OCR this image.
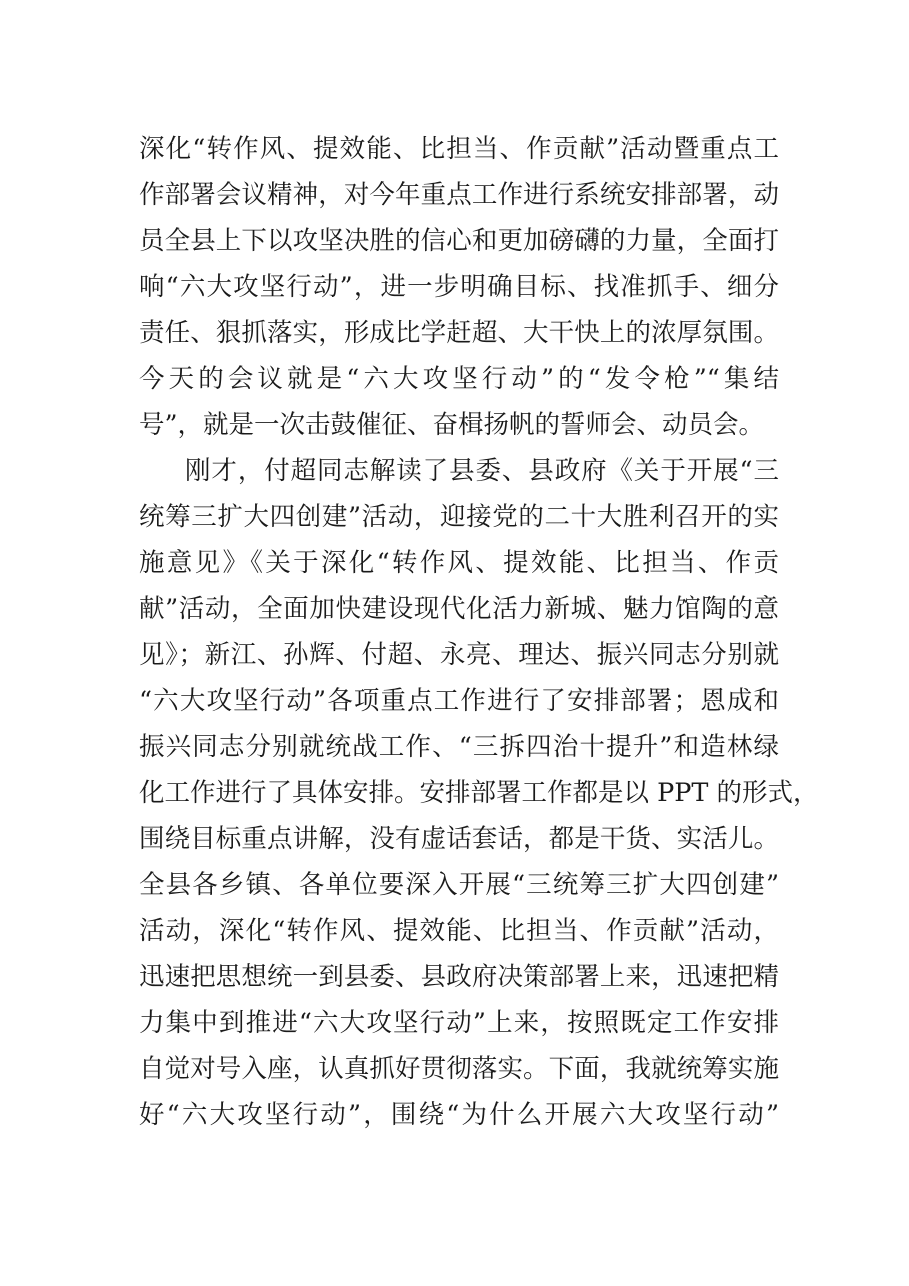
深化“转作风、提效能、比担当、作贡献”活动暨重点工
作部署会议精神，对今年重点工作进行系统安排部署，动
员全县上下以攻坚决胜的信心和更加磅礴的力量，全面打
响“六大攻坚行动”，进一步明确目标、找准抓手、细分
责任、狠抓落实，形成比学赶超、大干快上的浓厚氛围。
今天的会议就是“六大攻坚行动”的“发令枪”“集结
号”，就是一次击鼓催征、奋楫扬帆的誓师会、动员会。
刚才，付超同志解读了县委、县政府《关于开展“三
统筹三扩大四创建”活动，迎接党的二十大胜利召开的实
施意见》《关于深化“转作风、提效能、比担当、作贡
献”活动，全面加快建设现代化活力新城、魅力馆陶的意
见》；新江、孙辉、付超、永亮、理达、振兴同志分别就
“六大攻坚行动”各项重点工作进行了安排部署；恩成和
振兴同志分别就统战工作、“三拆四治十提升”和造林绿
化工作进行了具体安排。安排部署工作都是以 PPT 的形式，
围绕目标重点讲解，没有虚话套话，都是干货、实活儿。
全县各乡镇、各单位要深入开展“三统筹三扩大四创建”
活动，深化“转作风、提效能、比担当、作贡献”活动，
迅速把思想统一到县委、县政府决策部署上来，迅速把精
力集中到推进“六大攻坚行动”上来，按照既定工作安排
自觉对号入座，认真抓好贯彻落实。下面，我就统筹实施
好“六大攻坚行动”，围绕“为什么开展六大攻坚行动”
